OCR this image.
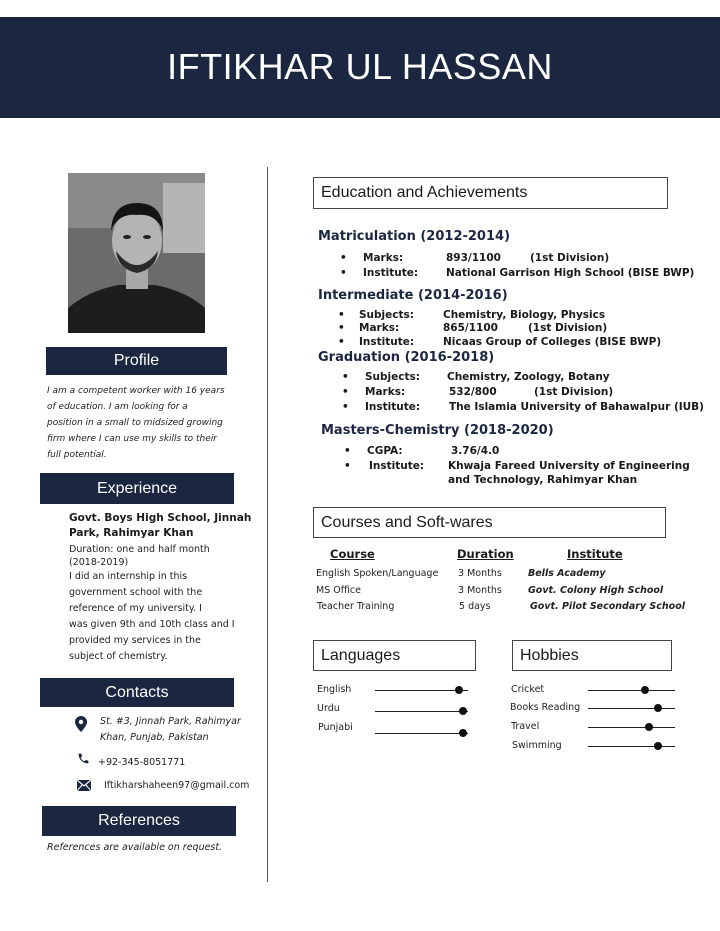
IFTIKHAR UL HASSAN
Profile
I am a competent worker with 16 years
of education. I am looking for a
position in a small to midsized growing
firm where I can use my skills to their
full potential.
Experience
Govt. Boys High School, Jinnah
Park, Rahimyar Khan
Duration: one and half month
(2018-2019)
I did an internship in this
government school with the
reference of my university. I
was given 9th and 10th class and I
provided my services in the
subject of chemistry.
Contacts
St. #3, Jinnah Park, Rahimyar
Khan, Punjab, Pakistan
+92-345-8051771
Iftikharshaheen97@gmail.com
References
References are available on request.
Education and Achievements
Matriculation (2012-2014)
• Marks:	893/1100	(1st Division)
• Institute:	National Garrison High School (BISE BWP)
Intermediate (2014-2016)
• Subjects:	Chemistry, Biology, Physics
• Marks:	865/1100	(1st Division)
• Institute:	Nicaas Group of Colleges (BISE BWP)
Graduation (2016-2018)
• Subjects:	Chemistry, Zoology, Botany
• Marks:	532/800	(1st Division)
• Institute:	The Islamia University of Bahawalpur (IUB)
Masters-Chemistry (2018-2020)
• CGPA:	3.76/4.0
• Institute: Khwaja Fareed University of Engineering
and Technology, Rahimyar Khan
Courses and Soft-wares
Course	Duration	Institute
English Spoken/Language 3 Months	Bells Academy
MS Office	3 Months	Govt. Colony High School
Teacher Training	5 days	Govt. Pilot Secondary School
Languages
English
Urdu
Punjabi
Hobbies
Cricket
Books Reading
Travel
Swimming
